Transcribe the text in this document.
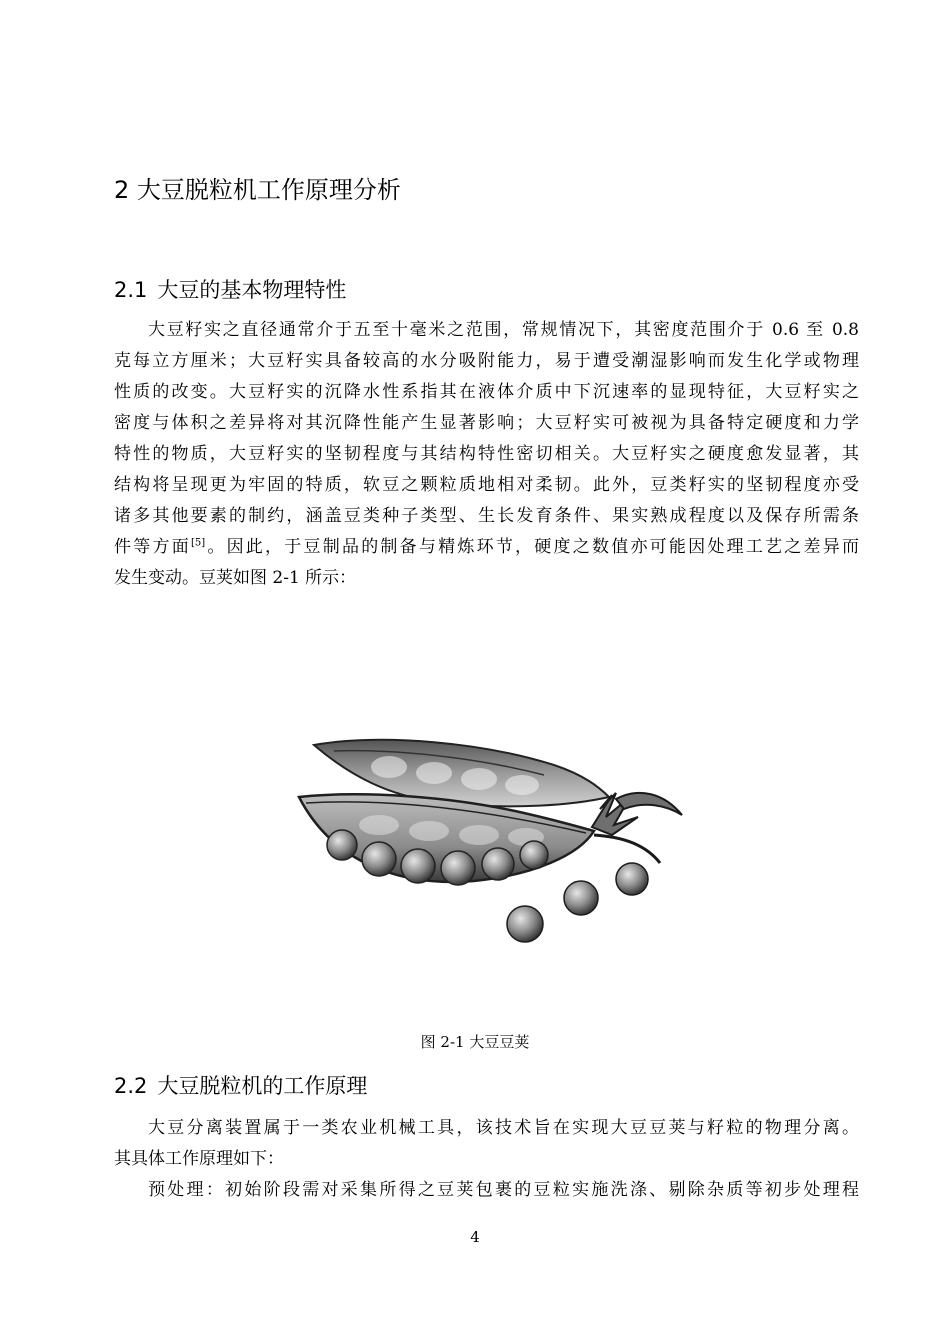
2 大豆脱粒机工作原理分析
2.1 大豆的基本物理特性
大豆籽实之直径通常介于五至十毫米之范围，常规情况下，其密度范围介于 0.6 至 0.8
克每立方厘米；大豆籽实具备较高的水分吸附能力，易于遭受潮湿影响而发生化学或物理
性质的改变。大豆籽实的沉降水性系指其在液体介质中下沉速率的显现特征，大豆籽实之
密度与体积之差异将对其沉降性能产生显著影响；大豆籽实可被视为具备特定硬度和力学
特性的物质，大豆籽实的坚韧程度与其结构特性密切相关。大豆籽实之硬度愈发显著，其
结构将呈现更为牢固的特质，软豆之颗粒质地相对柔韧。此外，豆类籽实的坚韧程度亦受
诸多其他要素的制约，涵盖豆类种子类型、生长发育条件、果实熟成程度以及保存所需条
件等方面[5]。因此，于豆制品的制备与精炼环节，硬度之数值亦可能因处理工艺之差异而
发生变动。豆荚如图 2-1 所示：

图 2-1 大豆豆荚

2.2 大豆脱粒机的工作原理
大豆分离装置属于一类农业机械工具，该技术旨在实现大豆豆荚与籽粒的物理分离。
其具体工作原理如下：
预处理：初始阶段需对采集所得之豆荚包裹的豆粒实施洗涤、剔除杂质等初步处理程

4
